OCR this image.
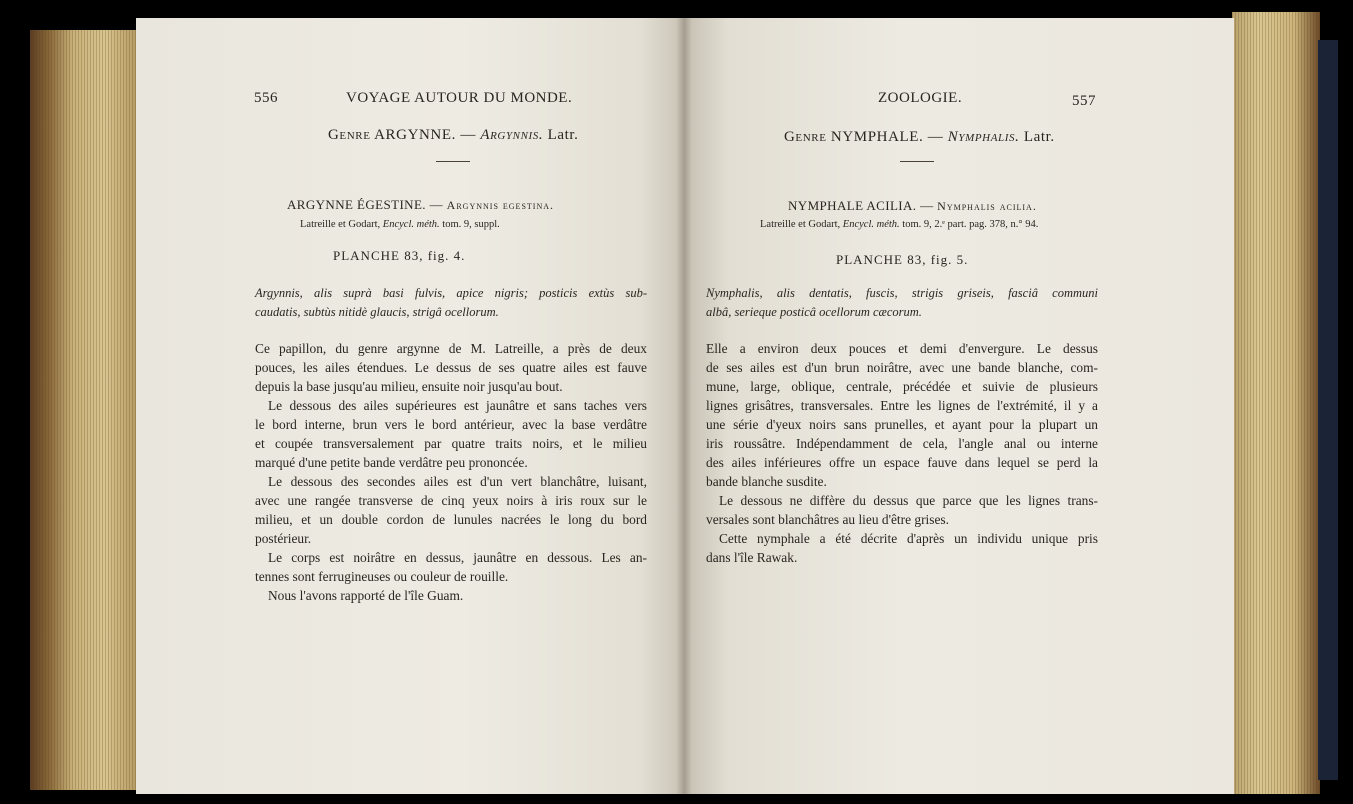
556	VOYAGE AUTOUR DU MONDE.
Genre ARGYNNE. — Argynnis. Latr.
ARGYNNE ÉGESTINE. — Argynnis egestina.
Latreille et Godart, Encycl. méth. tom. 9, suppl.
PLANCHE 83, fig. 4.
Argynnis, alis suprà basi fulvis, apice nigris; posticis extùs sub-
caudatis, subtùs nitidè glaucis, strigâ ocellorum.
Ce papillon, du genre argynne de M. Latreille, a près de deux
pouces, les ailes étendues. Le dessus de ses quatre ailes est fauve
depuis la base jusqu'au milieu, ensuite noir jusqu'au bout.
Le dessous des ailes supérieures est jaunâtre et sans taches vers
le bord interne, brun vers le bord antérieur, avec la base verdâtre
et coupée transversalement par quatre traits noirs, et le milieu
marqué d'une petite bande verdâtre peu prononcée.
Le dessous des secondes ailes est d'un vert blanchâtre, luisant,
avec une rangée transverse de cinq yeux noirs à iris roux sur le
milieu, et un double cordon de lunules nacrées le long du bord
postérieur.
Le corps est noirâtre en dessus, jaunâtre en dessous. Les an-
tennes sont ferrugineuses ou couleur de rouille.
Nous l'avons rapporté de l'île Guam.
ZOOLOGIE.	557
Genre NYMPHALE. — Nymphalis. Latr.
NYMPHALE ACILIA. — Nymphalis acilia.
Latreille et Godart, Encycl. méth. tom. 9, 2.ᵉ part. pag. 378, n.° 94.
PLANCHE 83, fig. 5.
Nymphalis, alis dentatis, fuscis, strigis griseis, fasciâ communi
albâ, serieque posticâ ocellorum cæcorum.
Elle a environ deux pouces et demi d'envergure. Le dessus
de ses ailes est d'un brun noirâtre, avec une bande blanche, com-
mune, large, oblique, centrale, précédée et suivie de plusieurs
lignes grisâtres, transversales. Entre les lignes de l'extrémité, il y a
une série d'yeux noirs sans prunelles, et ayant pour la plupart un
iris roussâtre. Indépendamment de cela, l'angle anal ou interne
des ailes inférieures offre un espace fauve dans lequel se perd la
bande blanche susdite.
Le dessous ne diffère du dessus que parce que les lignes trans-
versales sont blanchâtres au lieu d'être grises.
Cette nymphale a été décrite d'après un individu unique pris
dans l'île Rawak.
